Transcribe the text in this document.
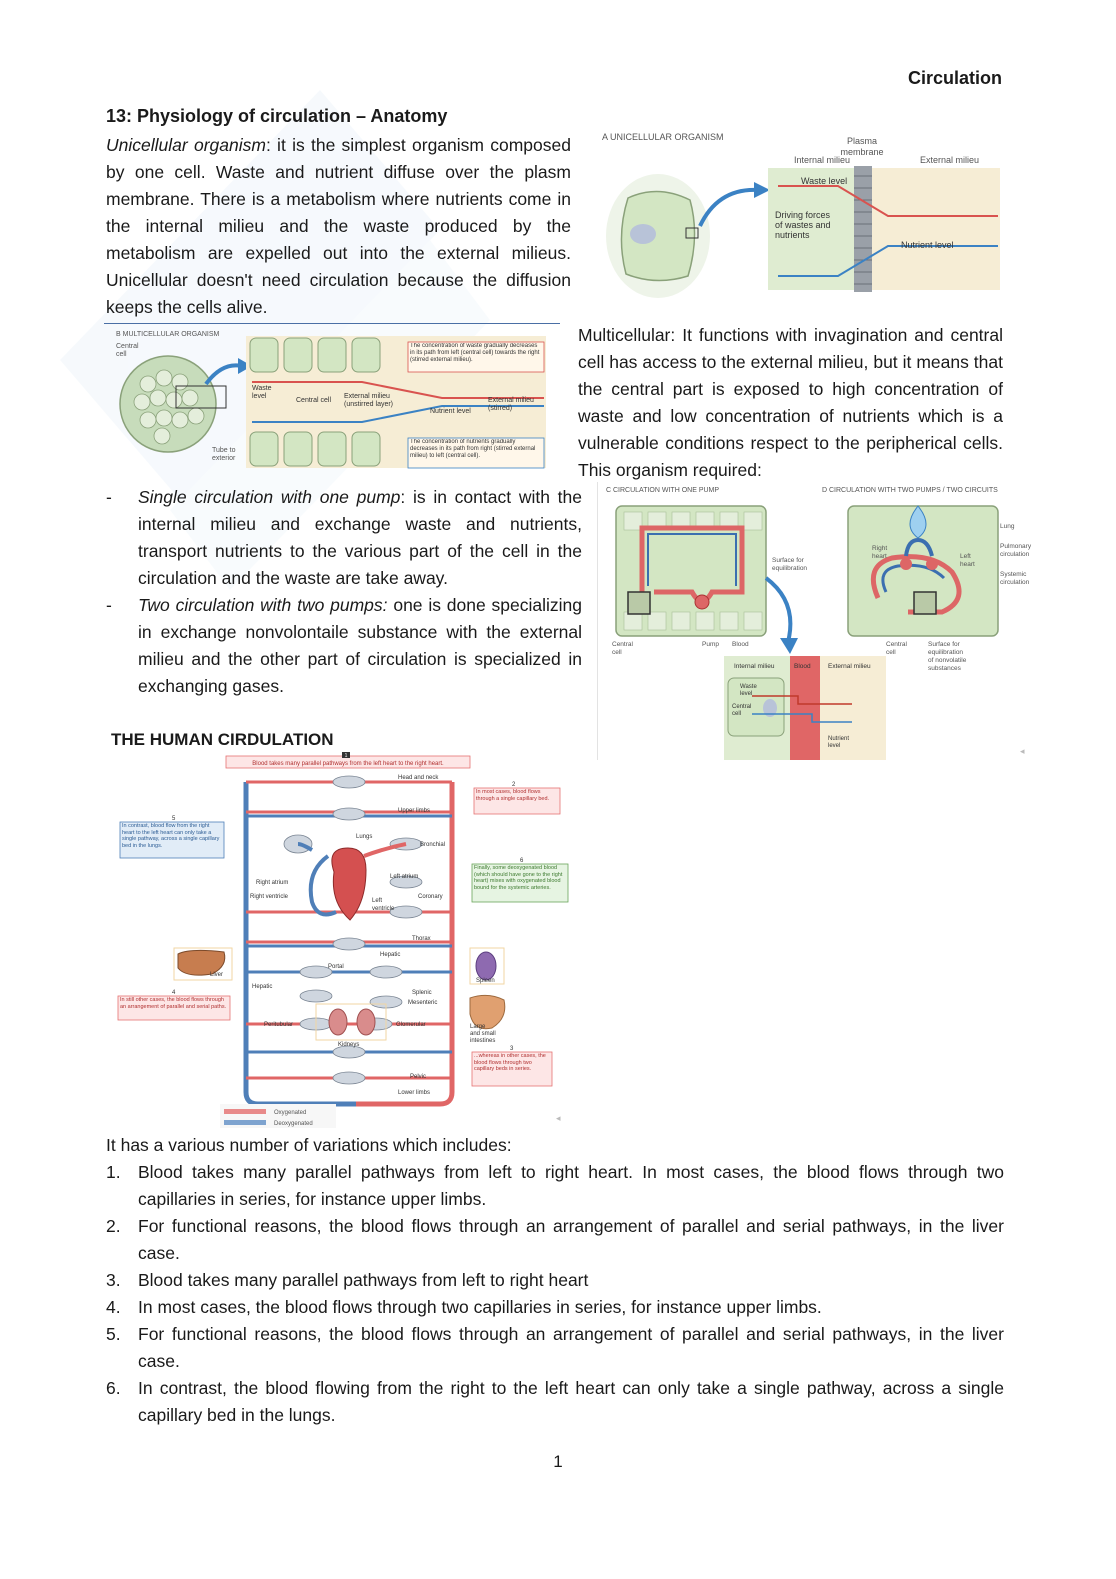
Circulation
13: Physiology of circulation – Anatomy
Unicellular organism: it is the simplest organism composed by one cell. Waste and nutrient diffuse over the plasm membrane. There is a metabolism where nutrients come in the internal milieu and the waste produced by the metabolism are expelled out into the external milieus. Unicellular doesn't need circulation because the diffusion keeps the cells alive.
A UNICELLULAR ORGANISM	Plasma
membrane
Internal milieu	External milieu
Waste level
Driving forces
of wastes and
nutrients
Nutrient level
B MULTICELLULAR ORGANISM
The concentration of waste gradually decreases in its path from left (central cell) towards the right (stirred external milieu).
The concentration of nutrients gradually decreases in its path from right (stirred external milieu) to left (central cell).
Central
cell
Waste
level
Central cell
External milieu
(unstirred layer)
Nutrient level
External milieu
(stirred)
Tube to
exterior
Multicellular: It functions with invagination and central cell has access to the external milieu, but it means that the central part is exposed to high concentration of waste and low concentration of nutrients which is a vulnerable conditions respect to the peripherical cells. This organism required:
- Single circulation with one pump: is in contact with the internal milieu and exchange waste and nutrients, transport nutrients to the various part of the cell in the circulation and the waste are take away.
- Two circulation with two pumps: one is done specializing in exchange nonvolontaile substance with the external milieu and the other part of circulation is specialized in exchanging gases.
C CIRCULATION WITH ONE PUMP	D CIRCULATION WITH TWO PUMPS / TWO CIRCUITS
Surface for
equilibration
Central
cell
Pump Blood
Lung
Pulmonary
circulation
Systemic
circulation
Right
heart	Left
heart
Central
cell
Surface for
equilibration
of nonvolatile
substances
Internal milieu	Blood	External milieu
Waste
level
Central
cell
Nutrient
level	◂
THE HUMAN CIRDULATION
Blood takes many parallel pathways from the left heart to the right heart.
1
In most cases, blood flows through a single capillary bed.
2
In contrast, blood flow from the right heart to the left heart can only take a single pathway, across a single capillary bed in the lungs.
5
Finally, some deoxygenated blood (which should have gone to the right heart) mixes with oxygenated blood bound for the systemic arteries.
6
In still other cases, the blood flows through an arrangement of parallel and serial paths.
4
...whereas in other cases, the blood flows through two capillary beds in series.
3
Head and neck
Upper limbs
Lungs
Bronchial
Left atrium
Right atrium
Right ventricle
Left
ventricle
Coronary
Thorax
Hepatic
Portal
Hepatic
Liver
Spleen
Splenic
Mesenteric
Peritubular	Glomerular
Kidneys
Large
and small
intestines
Pelvic
Lower limbs
Oxygenated
Deoxygenated
◂
It has a various number of variations which includes:
1. Blood takes many parallel pathways from left to right heart. In most cases, the blood flows through two capillaries in series, for instance upper limbs.
2. For functional reasons, the blood flows through an arrangement of parallel and serial pathways, in the liver case.
3. Blood takes many parallel pathways from left to right heart
4. In most cases, the blood flows through two capillaries in series, for instance upper limbs.
5. For functional reasons, the blood flows through an arrangement of parallel and serial pathways, in the liver case.
6. In contrast, the blood flowing from the right to the left heart can only take a single pathway, across a single capillary bed in the lungs.
1
